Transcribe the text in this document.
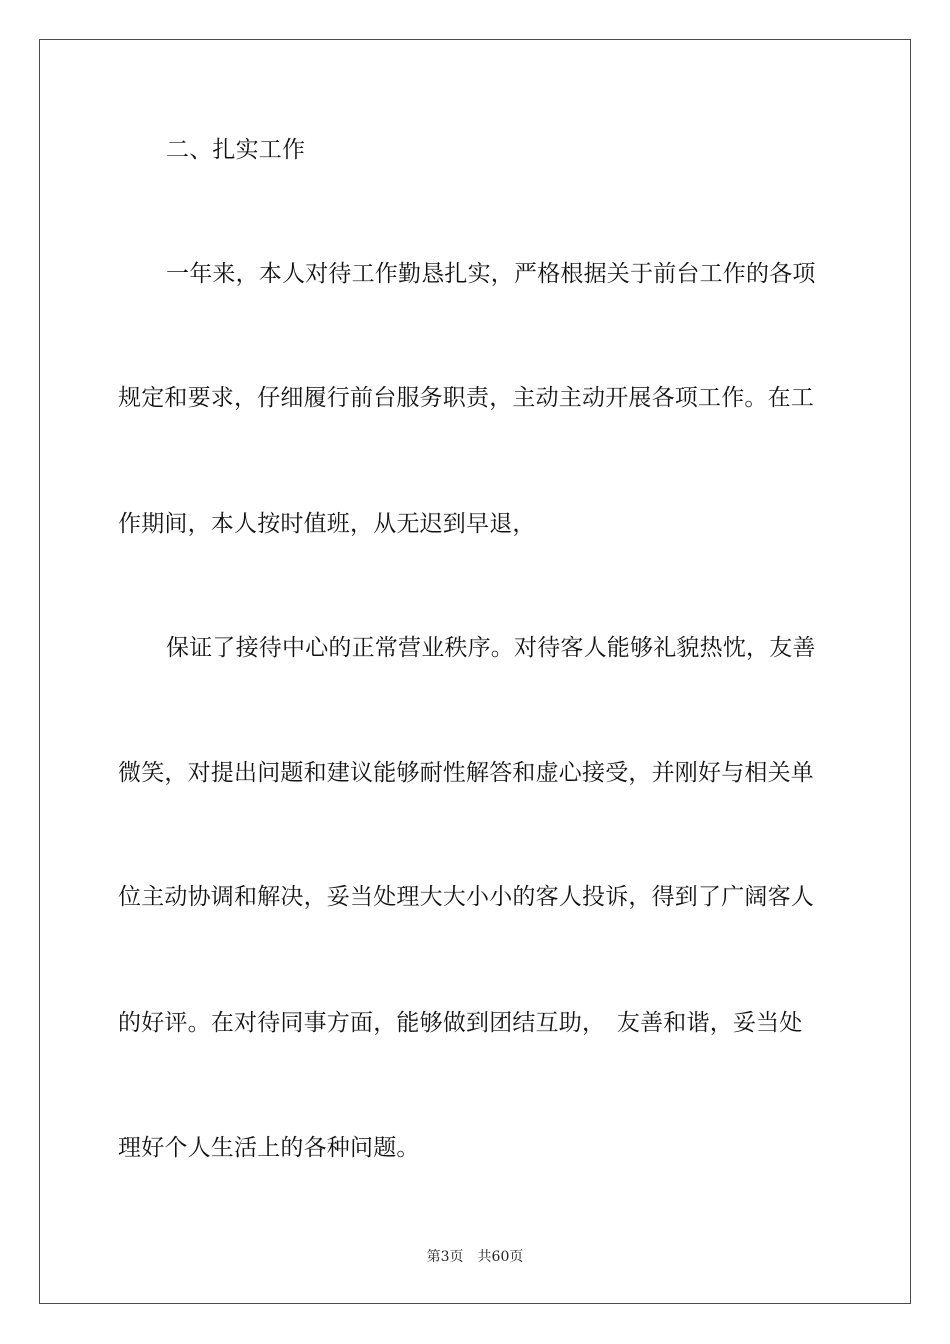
二、扎实工作
一年来，本人对待工作勤恳扎实，严格根据关于前台工作的各项
规定和要求，仔细履行前台服务职责，主动主动开展各项工作。在工
作期间，本人按时值班，从无迟到早退，
保证了接待中心的正常营业秩序。对待客人能够礼貌热忱，友善
微笑，对提出问题和建议能够耐性解答和虚心接受，并刚好与相关单
位主动协调和解决，妥当处理大大小小的客人投诉，得到了广阔客人
的好评。在对待同事方面，能够做到团结互助，　友善和谐，妥当处
理好个人生活上的各种问题。
第3页 共60页
